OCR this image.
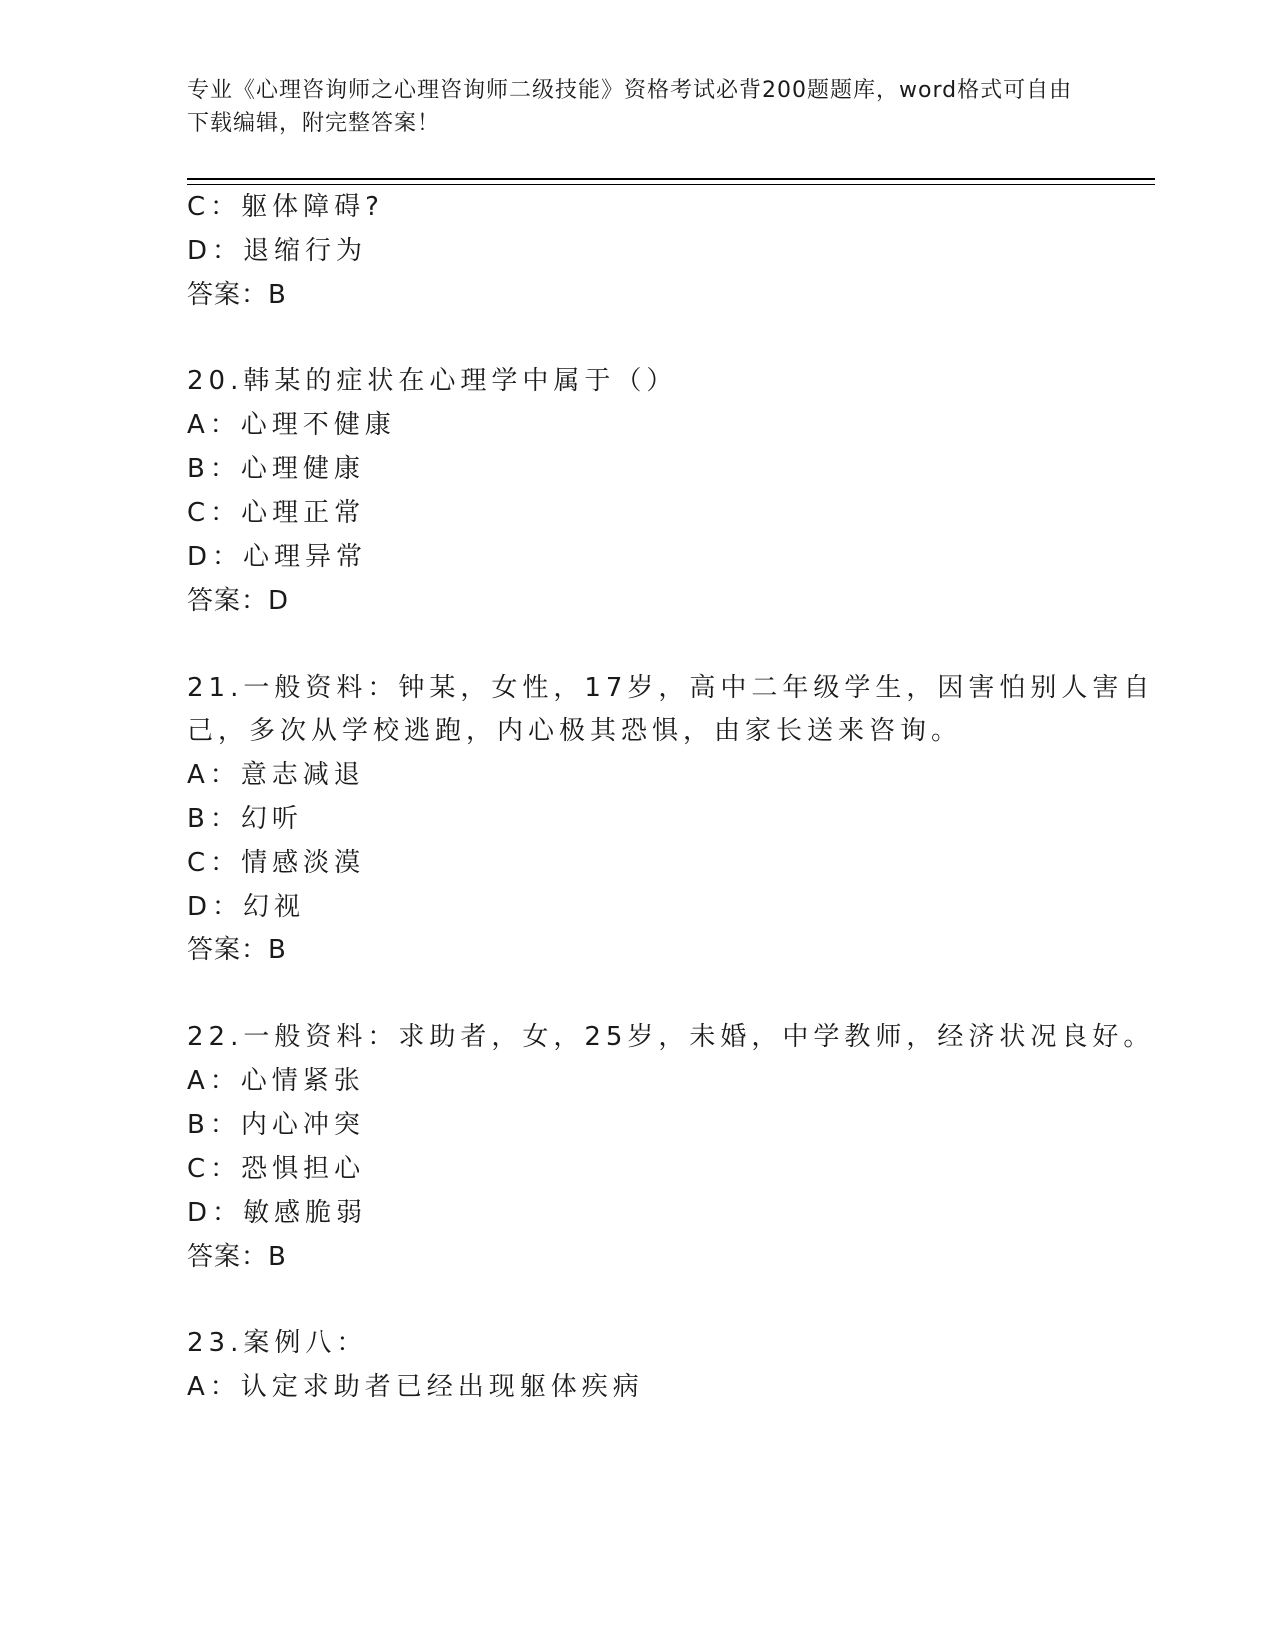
专业《心理咨询师之心理咨询师二级技能》资格考试必背200题题库，word格式可自由下载编辑，附完整答案！
C：躯体障碍?
D：退缩行为
答案：B
20.韩某的症状在心理学中属于（）
A：心理不健康
B：心理健康
C：心理正常
D：心理异常
答案：D
21.一般资料：钟某，女性，17岁，高中二年级学生，因害怕别人害自
己，多次从学校逃跑，内心极其恐惧，由家长送来咨询。
A：意志减退
B：幻听
C：情感淡漠
D：幻视
答案：B
22.一般资料：求助者，女，25岁，未婚，中学教师，经济状况良好。
A：心情紧张
B：内心冲突
C：恐惧担心
D：敏感脆弱
答案：B
23.案例八：
A：认定求助者已经出现躯体疾病
